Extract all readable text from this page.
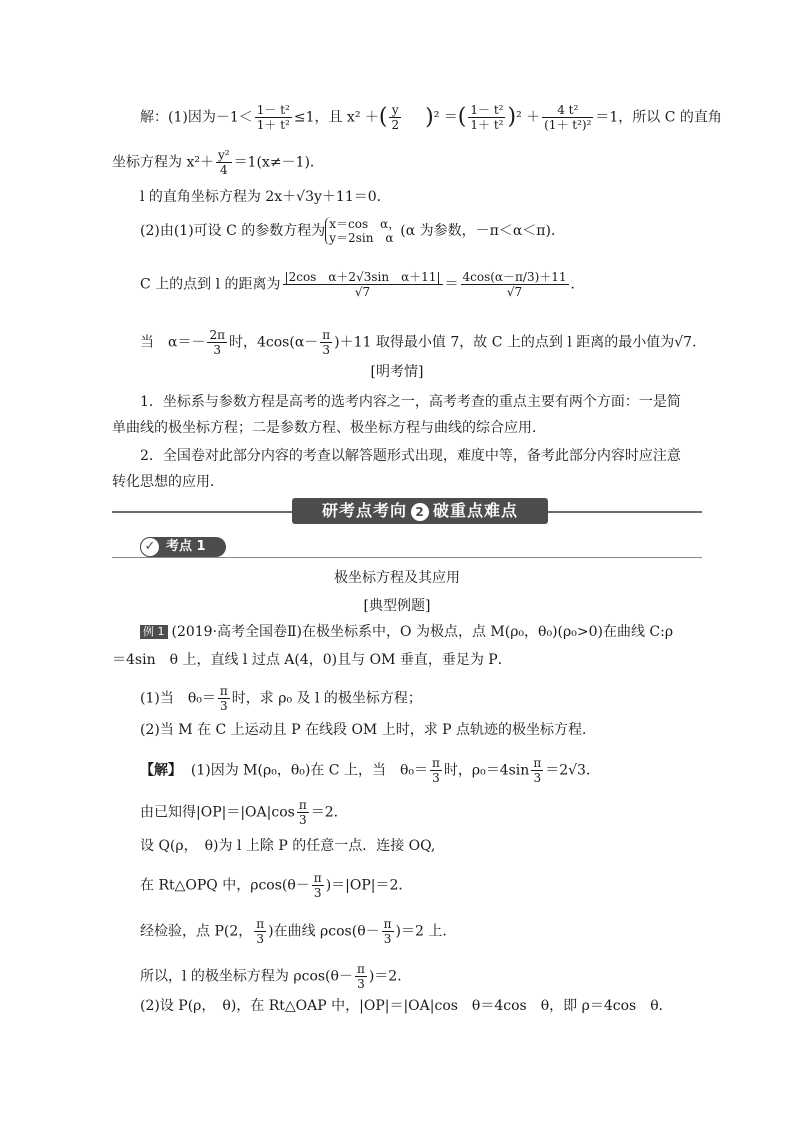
解：(1)因为$-1< \frac{\text{1－ t²}}{\text{1＋ t²}} \le 1$，且 x² ＋( $\frac{y}{2} )^2$ ＝( $\frac{\text{1－ t²}}{\text{1＋ t²}} )^2 + \frac{\text{4 t²}}{\text{(1＋ t²)²}} =1$，所以 C 的直角
坐标方程为 $x^2+ \frac{\text{y²}}{4} =1(x\ne-1)$．
l 的直角坐标方程为 2x＋√3y＋11＝0．
(2)由(1)可设 C 的参数方程为 x＝cos　α，
y＝2sin　α (α 为参数，－π＜α＜π)．
C 上的点到 l 的距离为 $\frac{\text{|2cos　α＋2√3sin　α＋11|}}{√7} = \frac{4\cos(\alpha-\pi/3)+11}{√7}$ ．
当　$\alpha=- \frac{2\pi}{3}$ 时，$4\cos(\alpha- \frac{\pi}{3} )+11$ 取得最小值 7，故 C 上的点到 l 距离的最小值为√7．
[明考情]
1．坐标系与参数方程是高考的选考内容之一，高考考查的重点主要有两个方面：一是简
单曲线的极坐标方程；二是参数方程、极坐标方程与曲线的综合应用．
2．全国卷对此部分内容的考查以解答题形式出现，难度中等，备考此部分内容时应注意
转化思想的应用．
研考点考向 2 破重点难点
✓ 考点 1
极坐标方程及其应用
[典型例题]
例 1 (2019·高考全国卷Ⅱ)在极坐标系中，O 为极点，点 M(ρ₀，θ₀)(ρ₀>0)在曲线 C:ρ
＝4sin　θ 上，直线 l 过点 A(4，0)且与 OM 垂直，垂足为 P．
(1)当　$\theta_0= \frac{\pi}{3}$ 时，求 ρ₀ 及 l 的极坐标方程；
(2)当 M 在 C 上运动且 P 在线段 OM 上时，求 P 点轨迹的极坐标方程．
【解】 (1)因为 M(ρ₀，θ₀)在 C 上，当　$\theta_0= \frac{\pi}{3}$ 时，$\rho_0=4\sin \frac{\pi}{3} =2√3$．
由已知得$|OP|=|OA|\cos \frac{\pi}{3} =2$．
设 Q(ρ，　θ)为 l 上除 P 的任意一点．连接 OQ,
在 Rt△OPQ 中，$\rho\cos(\theta- \frac{\pi}{3} )=|OP|=2$．
经检验，点 P(2， $\frac{\pi}{3}$ )在曲线 $\rho\cos(\theta- \frac{\pi}{3} )=2$ 上．
所以，l 的极坐标方程为 $\rho\cos(\theta- \frac{\pi}{3} )=2$．
(2)设 P(ρ，　θ)，在 Rt△OAP 中，|OP|＝|OA|cos　θ＝4cos　θ，即 ρ＝4cos　θ．
